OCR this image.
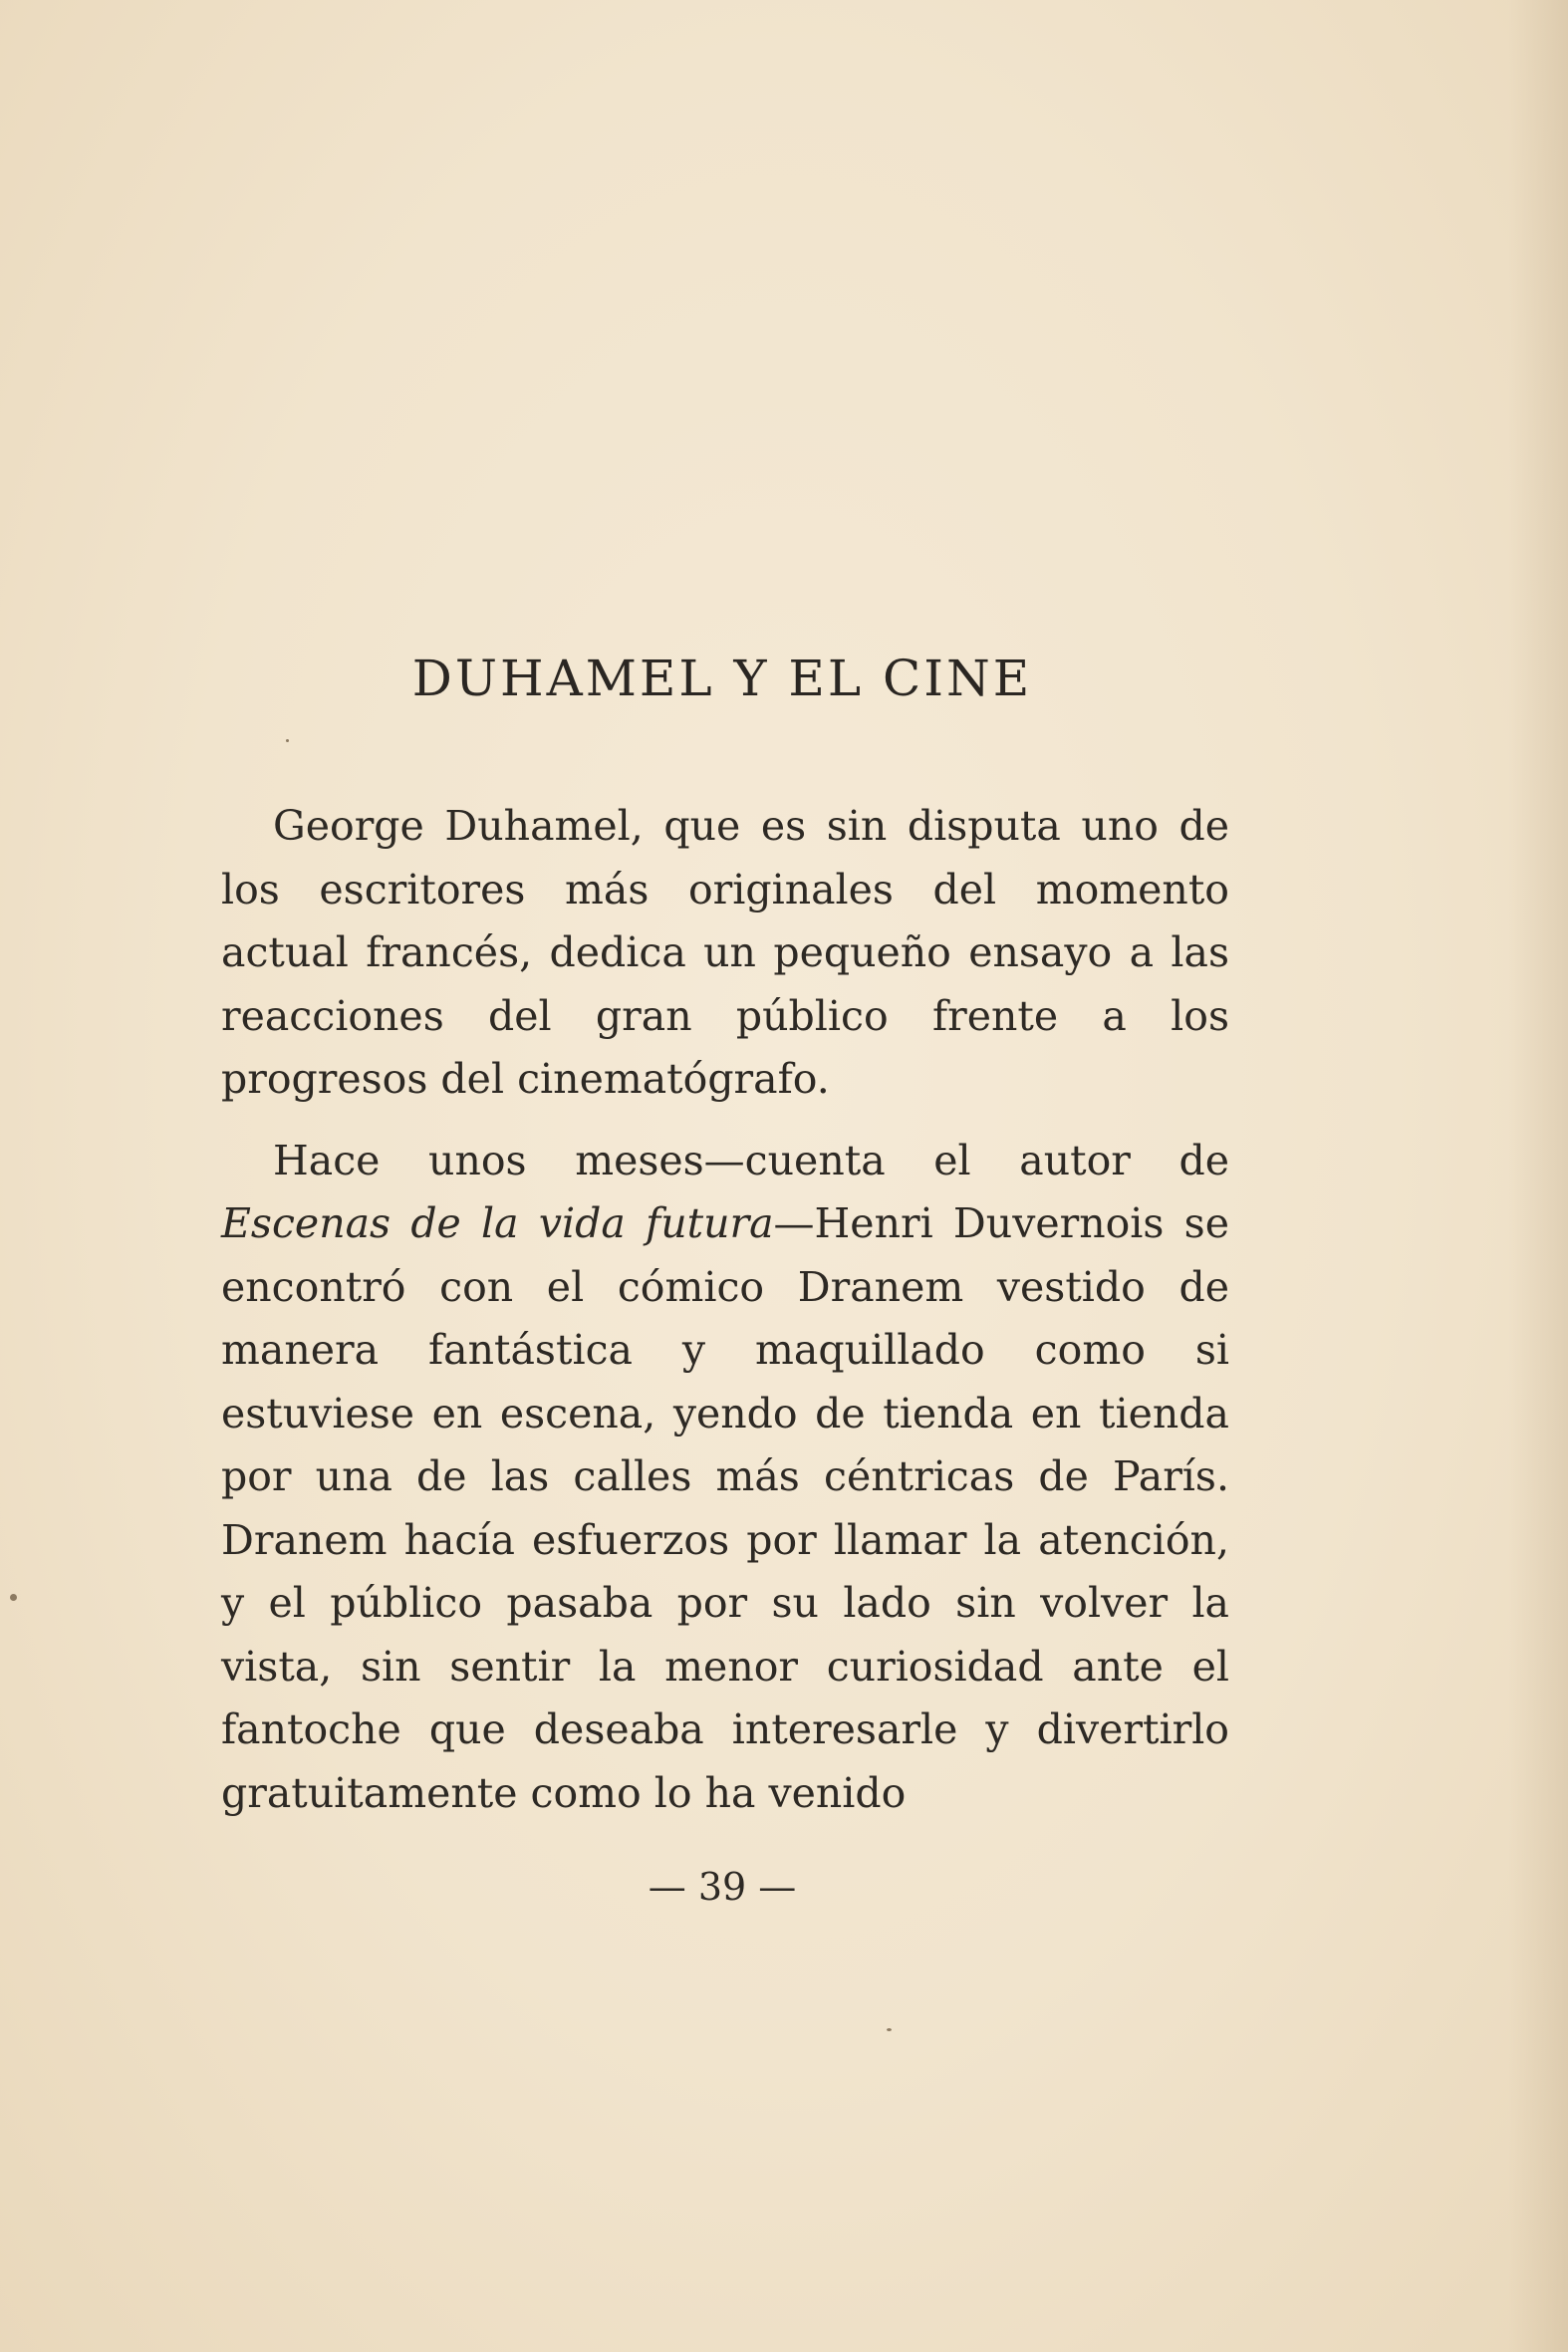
DUHAMEL Y EL CINE

George Duhamel, que es sin disputa uno de los escritores más originales del momento actual francés, dedica un pequeño ensayo a las reacciones del gran público frente a los progresos del cinematógrafo.

Hace unos meses—cuenta el autor de Escenas de la vida futura—Henri Duvernois se encontró con el cómico Dranem vestido de manera fantástica y maquillado como si estuviese en escena, yendo de tienda en tienda por una de las calles más céntricas de París. Dranem hacía esfuerzos por llamar la atención, y el público pasaba por su lado sin volver la vista, sin sentir la menor curiosidad ante el fantoche que deseaba interesarle y divertirlo gratuitamente como lo ha venido

— 39 —
